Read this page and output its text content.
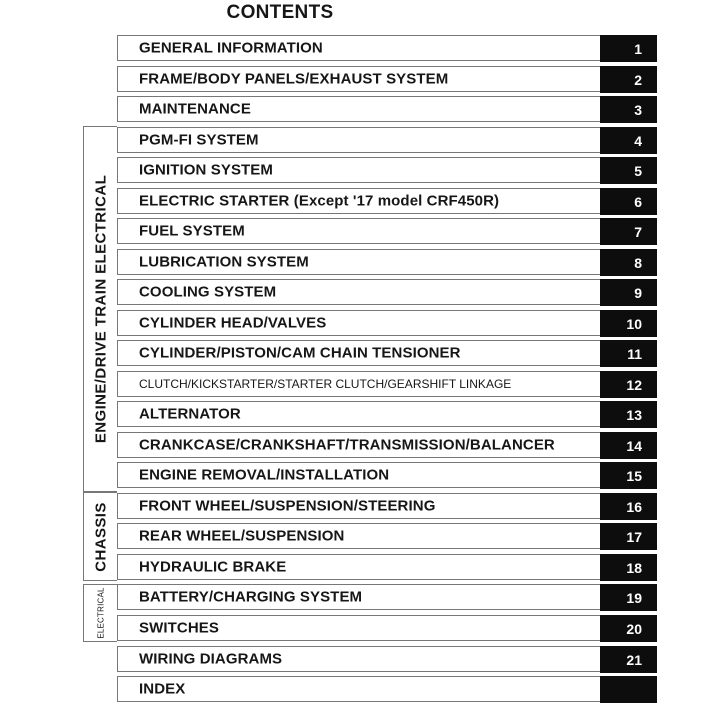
CONTENTS
ENGINE/DRIVE TRAIN ELECTRICAL
CHASSIS
ELECTRICAL
GENERAL INFORMATION	1
FRAME/BODY PANELS/EXHAUST SYSTEM	2
MAINTENANCE	3
PGM-FI SYSTEM	4
IGNITION SYSTEM	5
ELECTRIC STARTER (Except '17 model CRF450R)	6
FUEL SYSTEM	7
LUBRICATION SYSTEM	8
COOLING SYSTEM	9
CYLINDER HEAD/VALVES	10
CYLINDER/PISTON/CAM CHAIN TENSIONER	11
CLUTCH/KICKSTARTER/STARTER CLUTCH/GEARSHIFT LINKAGE	12
ALTERNATOR	13
CRANKCASE/CRANKSHAFT/TRANSMISSION/BALANCER	14
ENGINE REMOVAL/INSTALLATION	15
FRONT WHEEL/SUSPENSION/STEERING	16
REAR WHEEL/SUSPENSION	17
HYDRAULIC BRAKE	18
BATTERY/CHARGING SYSTEM	19
SWITCHES	20
WIRING DIAGRAMS	21
INDEX
